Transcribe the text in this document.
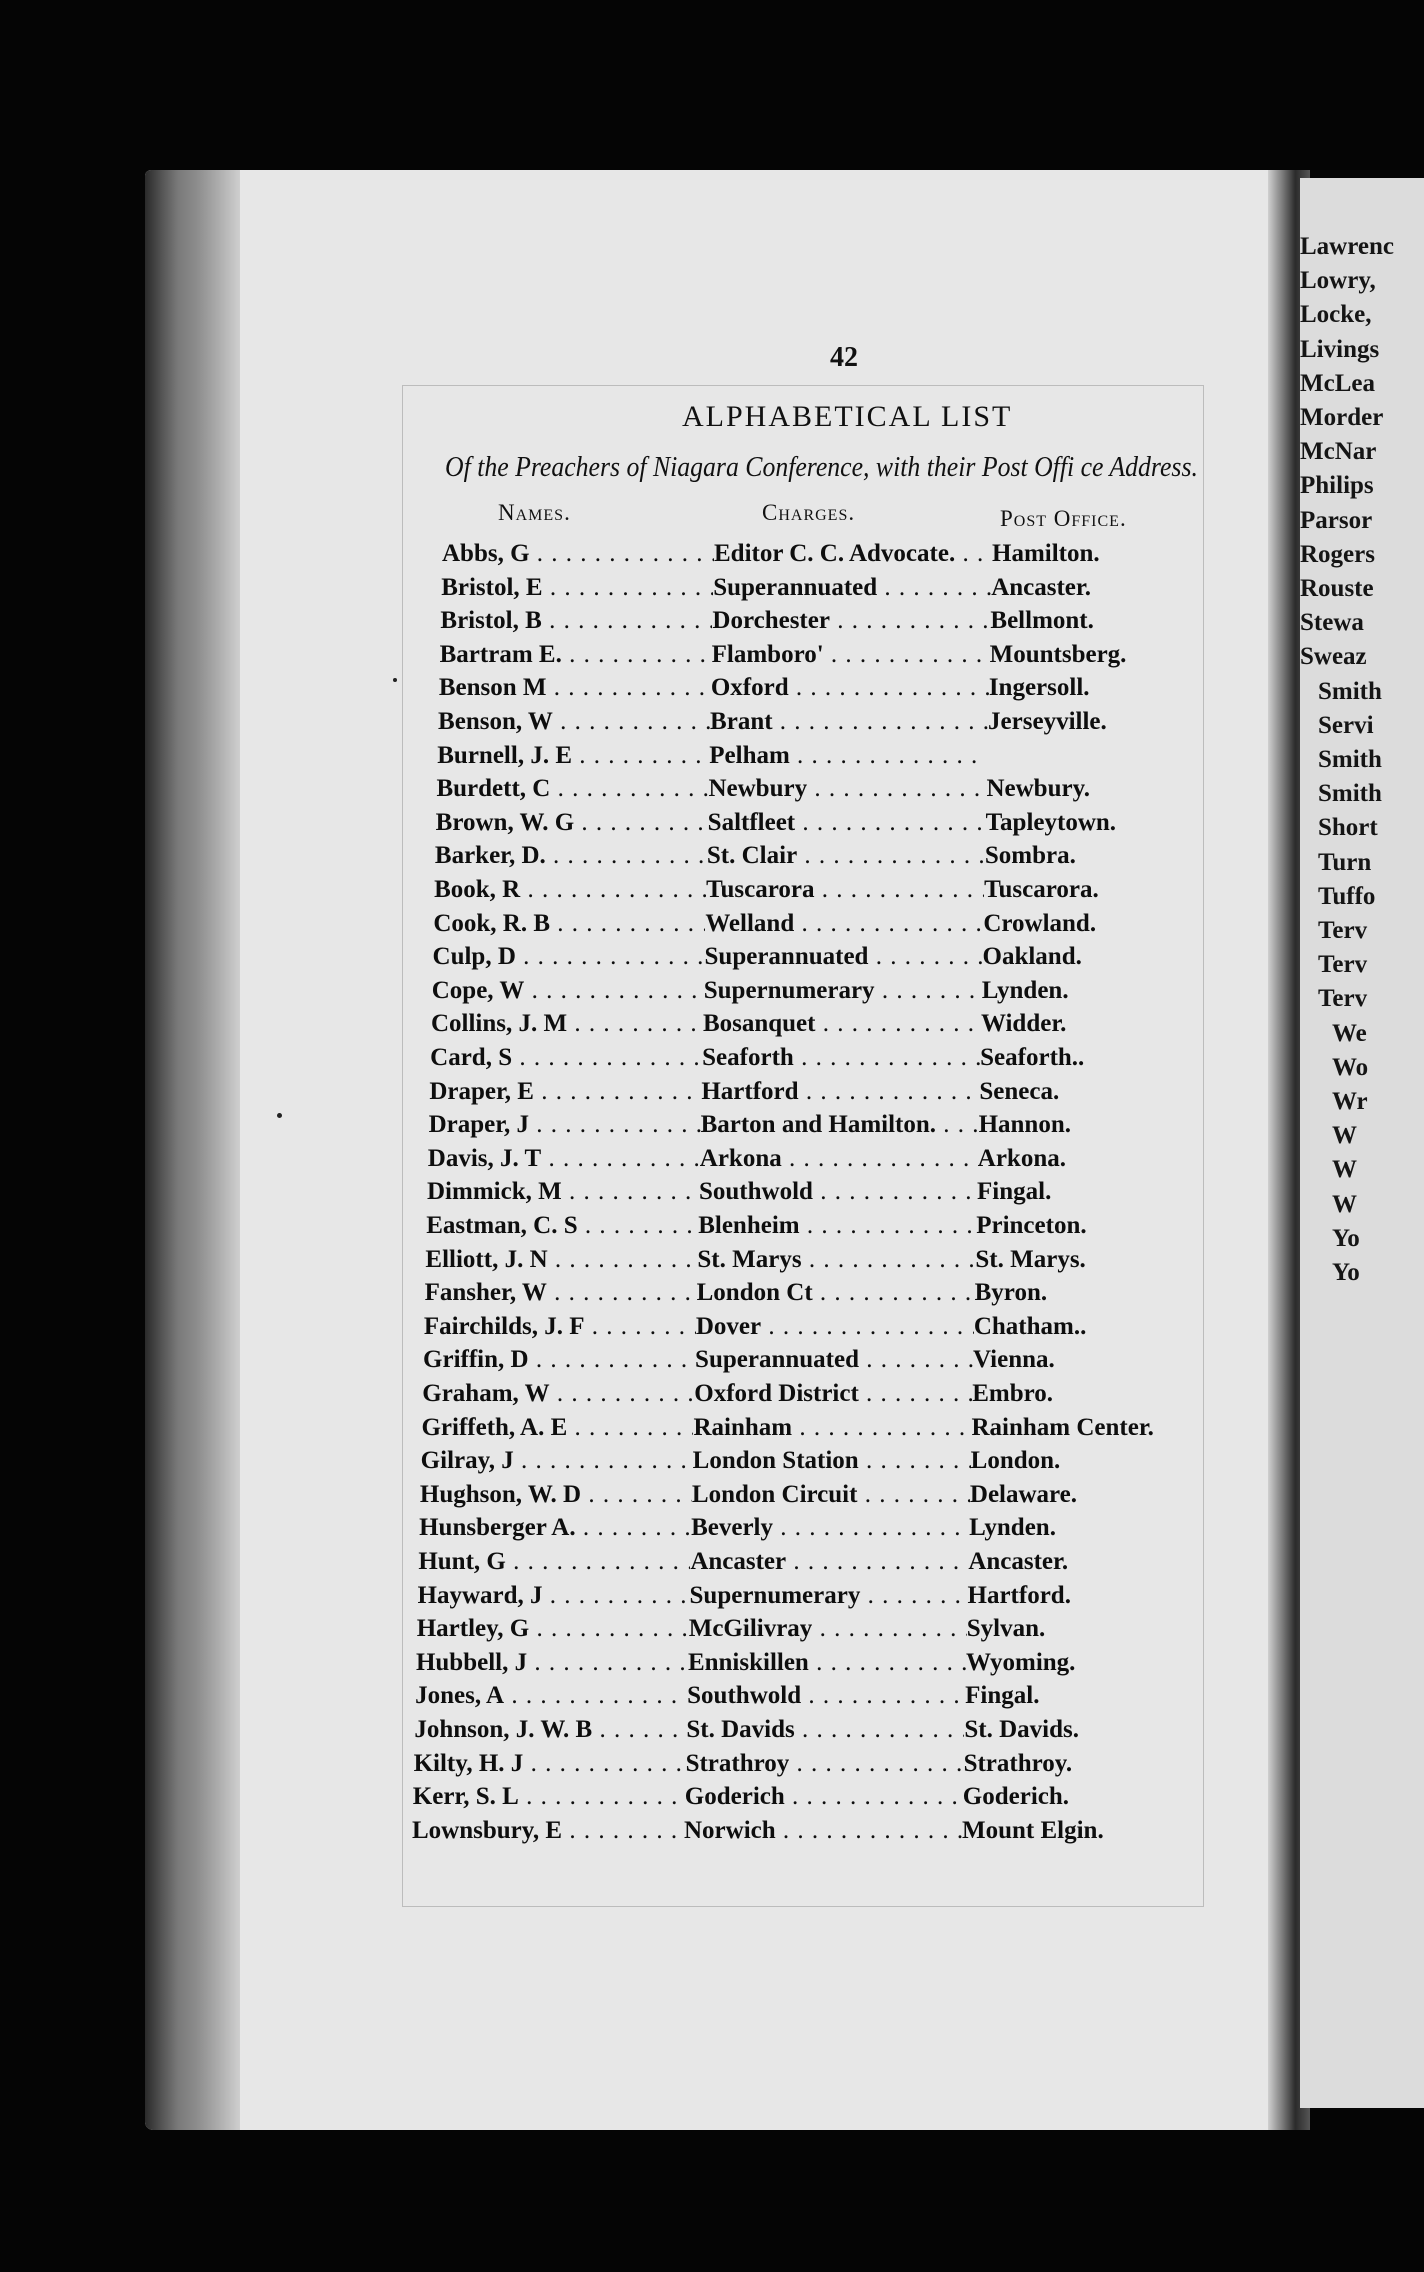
Lawrenc
Lowry,
Locke,
Livings
McLea
Morder
McNar
Philips
Parsor
Rogers
Rouste
Stewa
Sweaz
Smith
Servi
Smith
Smith
Short
Turn
Tuffo
Terv
Terv
Terv
We
Wo
Wr
W
W
W
Yo
Yo
42
ALPHABETICAL LIST
Of the Preachers of Niagara Conference, with their Post Offi ce Address.
Names.	Charges.	Post Office.
Abbs, G . . .	Editor C. C. Advocate. . . .	Hamilton.
Bristol, E . . .	Superannuated . . .	Ancaster.
Bristol, B . . .	Dorchester . . .	Bellmont.
Bartram E. . . .	Flamboro' . . .	Mountsberg.
Benson M . . .	Oxford . . .	Ingersoll.
Benson, W . . .	Brant . . .	Jerseyville.
Burnell, J. E . . .	Pelham . . .
Burdett, C . . .	Newbury . . .	Newbury.
Brown, W. G . . .	Saltfleet . . .	Tapleytown.
Barker, D. . . .	St. Clair . . .	Sombra.
Book, R . . .	Tuscarora . . .	Tuscarora.
Cook, R. B . . .	Welland . . .	Crowland.
Culp, D . . .	Superannuated . . .	Oakland.
Cope, W . . .	Supernumerary . . .	Lynden.
Collins, J. M . . .	Bosanquet . . .	Widder.
Card, S . . .	Seaforth . . .	Seaforth..
Draper, E . . .	Hartford . . .	Seneca.
Draper, J . . .	Barton and Hamilton. . . .	Hannon.
Davis, J. T . . .	Arkona . . .	Arkona.
Dimmick, M . . .	Southwold . . .	Fingal.
Eastman, C. S . . .	Blenheim . . .	Princeton.
Elliott, J. N . . .	St. Marys . . .	St. Marys.
Fansher, W . . .	London Ct . . .	Byron.
Fairchilds, J. F . . .	Dover . . .	Chatham..
Griffin, D . . .	Superannuated . . .	Vienna.
Graham, W . . .	Oxford District . . .	Embro.
Griffeth, A. E . . .	Rainham . . .	Rainham Center.
Gilray, J . . .	London Station . . .	London.
Hughson, W. D . . .	London Circuit . . .	Delaware.
Hunsberger A. . . .	Beverly . . .	Lynden.
Hunt, G . . .	Ancaster . . .	Ancaster.
Hayward, J . . .	Supernumerary . . .	Hartford.
Hartley, G . . .	McGilivray . . .	Sylvan.
Hubbell, J . . .	Enniskillen . . .	Wyoming.
Jones, A . . .	Southwold . . .	Fingal.
Johnson, J. W. B . . .	St. Davids . . .	St. Davids.
Kilty, H. J . . .	Strathroy . . .	Strathroy.
Kerr, S. L . . .	Goderich . . .	Goderich.
Lownsbury, E . . .	Norwich . . .	Mount Elgin.
